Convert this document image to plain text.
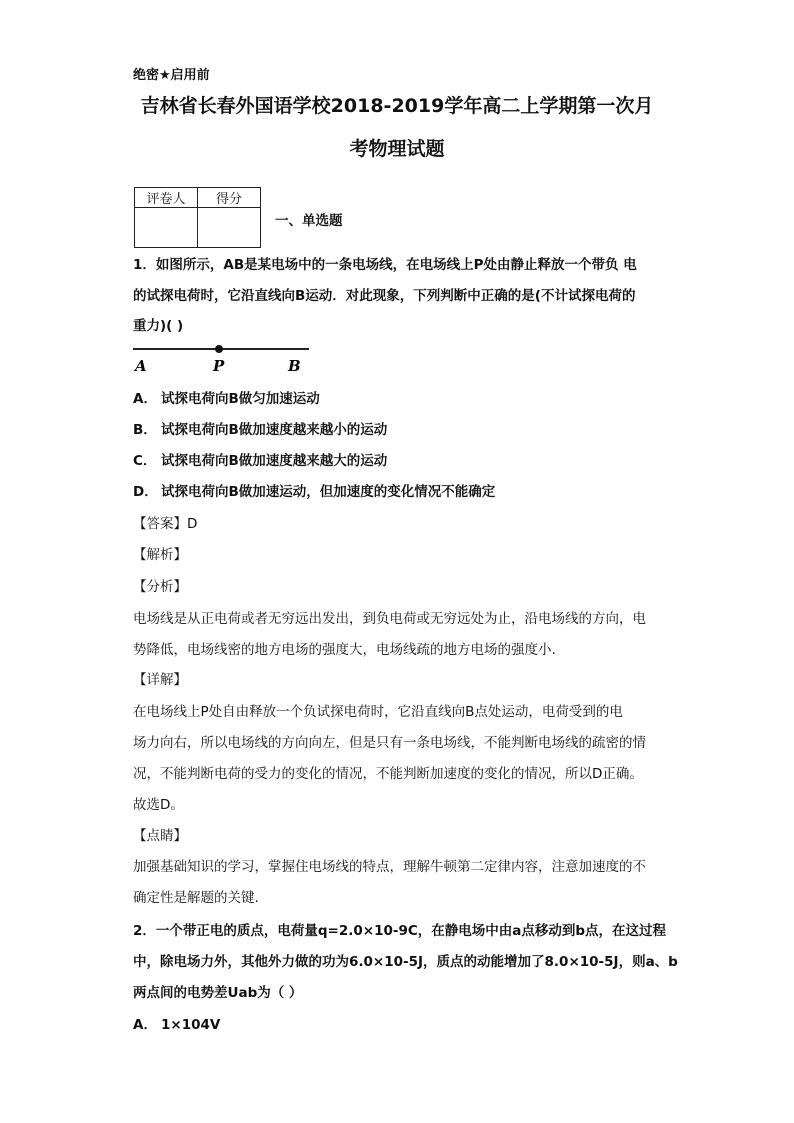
绝密★启用前
吉林省长春外国语学校2018-2019学年高二上学期第一次月
考物理试题
评卷人	得分

一、单选题
1．如图所示，AB是某电场中的一条电场线，在电场线上P处由静止释放一个带负 电
的试探电荷时，它沿直线向B运动．对此现象，下列判断中正确的是(不计试探电荷的
重力)( )
A	P	B
A． 试探电荷向B做匀加速运动
B． 试探电荷向B做加速度越来越小的运动
C． 试探电荷向B做加速度越来越大的运动
D． 试探电荷向B做加速运动，但加速度的变化情况不能确定
【答案】D
【解析】
【分析】
电场线是从正电荷或者无穷远出发出，到负电荷或无穷远处为止，沿电场线的方向，电
势降低，电场线密的地方电场的强度大，电场线疏的地方电场的强度小.
【详解】
在电场线上P处自由释放一个负试探电荷时，它沿直线向B点处运动，电荷受到的电
场力向右，所以电场线的方向向左，但是只有一条电场线，不能判断电场线的疏密的情
况，不能判断电荷的受力的变化的情况，不能判断加速度的变化的情况，所以D正确。
故选D。
【点睛】
加强基础知识的学习，掌握住电场线的特点，理解牛顿第二定律内容，注意加速度的不
确定性是解题的关键.
2．一个带正电的质点，电荷量q=2.0×10-9C，在静电场中由a点移动到b点，在这过程
中，除电场力外，其他外力做的功为6.0×10-5J，质点的动能增加了8.0×10-5J，则a、b
两点间的电势差Uab为（ ）
A． 1×104V
